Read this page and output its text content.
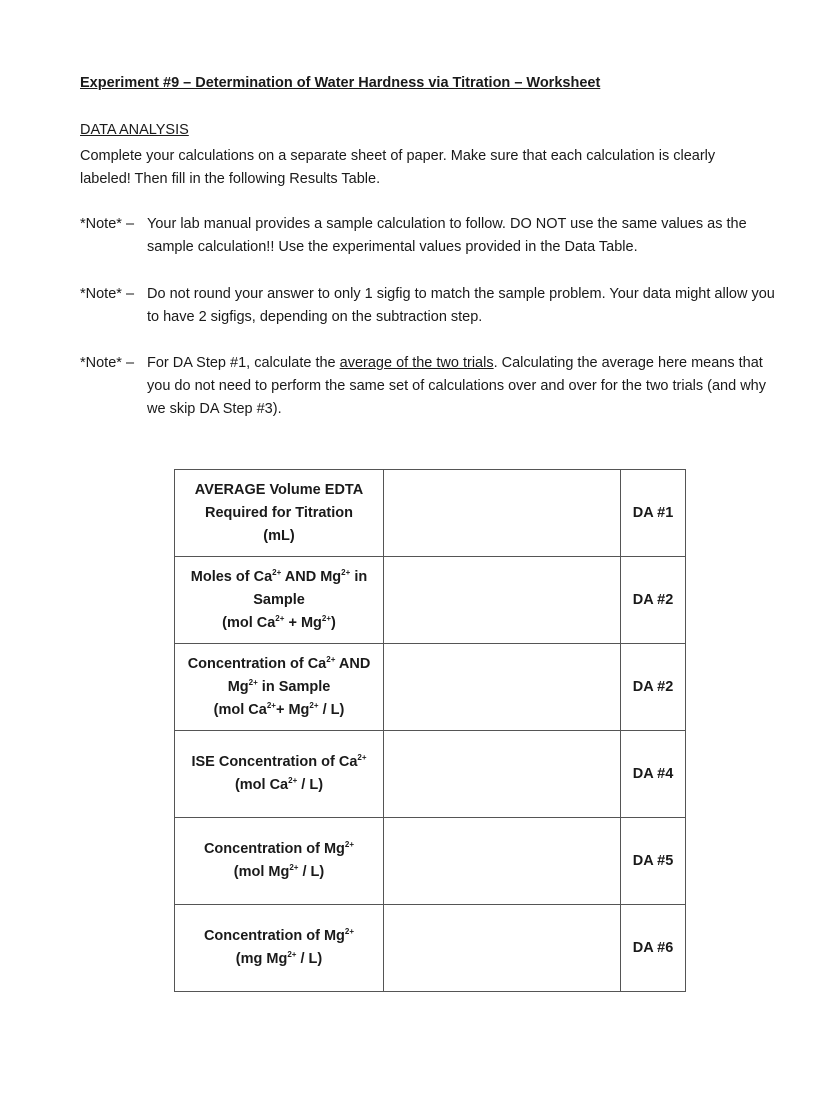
Experiment #9 – Determination of Water Hardness via Titration – Worksheet
DATA ANALYSIS
Complete your calculations on a separate sheet of paper. Make sure that each calculation is clearly labeled! Then fill in the following Results Table.
*Note* – Your lab manual provides a sample calculation to follow. DO NOT use the same values as the sample calculation!! Use the experimental values provided in the Data Table.
*Note* – Do not round your answer to only 1 sigfig to match the sample problem. Your data might allow you to have 2 sigfigs, depending on the subtraction step.
*Note* – For DA Step #1, calculate the average of the two trials. Calculating the average here means that you do not need to perform the same set of calculations over and over for the two trials (and why we skip DA Step #3).
AVERAGE Volume EDTA
Required for Titration
(mL)		DA #1

Moles of $Ca^{2+}$ AND $Mg^{2+}$ in
Sample
(mol $Ca^{2+} + Mg^{2+}$)		DA #2

Concentration of $Ca^{2+}$ AND
$Mg^{2+}$ in Sample
(mol $Ca^{2+}+ Mg^{2+} / L$)		DA #2

ISE Concentration of $Ca^{2+}$
(mol $Ca^{2+} / L$)		DA #4

Concentration of $Mg^{2+}$
(mol $Mg^{2+} / L$)		DA #5

Concentration of $Mg^{2+}$
(mg $Mg^{2+} / L$)		DA #6
